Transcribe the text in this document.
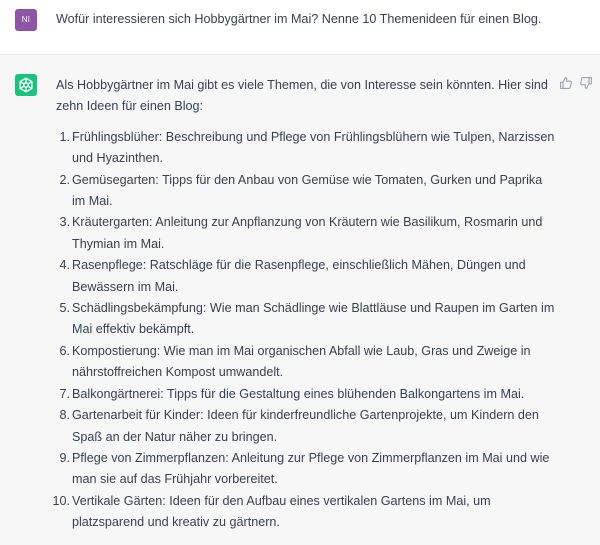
NI	Wofür interessieren sich Hobbygärtner im Mai? Nenne 10 Themenideen für einen Blog.

Als Hobbygärtner im Mai gibt es viele Themen, die von Interesse sein könnten. Hier sind zehn Ideen für einen Blog:

1. Frühlingsblüher: Beschreibung und Pflege von Frühlingsblühern wie Tulpen, Narzissen und Hyazinthen.
2. Gemüsegarten: Tipps für den Anbau von Gemüse wie Tomaten, Gurken und Paprika im Mai.
3. Kräutergarten: Anleitung zur Anpflanzung von Kräutern wie Basilikum, Rosmarin und Thymian im Mai.
4. Rasenpflege: Ratschläge für die Rasenpflege, einschließlich Mähen, Düngen und Bewässern im Mai.
5. Schädlingsbekämpfung: Wie man Schädlinge wie Blattläuse und Raupen im Garten im Mai effektiv bekämpft.
6. Kompostierung: Wie man im Mai organischen Abfall wie Laub, Gras und Zweige in nährstoffreichen Kompost umwandelt.
7. Balkongärtnerei: Tipps für die Gestaltung eines blühenden Balkongartens im Mai.
8. Gartenarbeit für Kinder: Ideen für kinderfreundliche Gartenprojekte, um Kindern den Spaß an der Natur näher zu bringen.
9. Pflege von Zimmerpflanzen: Anleitung zur Pflege von Zimmerpflanzen im Mai und wie man sie auf das Frühjahr vorbereitet.
10. Vertikale Gärten: Ideen für den Aufbau eines vertikalen Gartens im Mai, um platzsparend und kreativ zu gärtnern.
